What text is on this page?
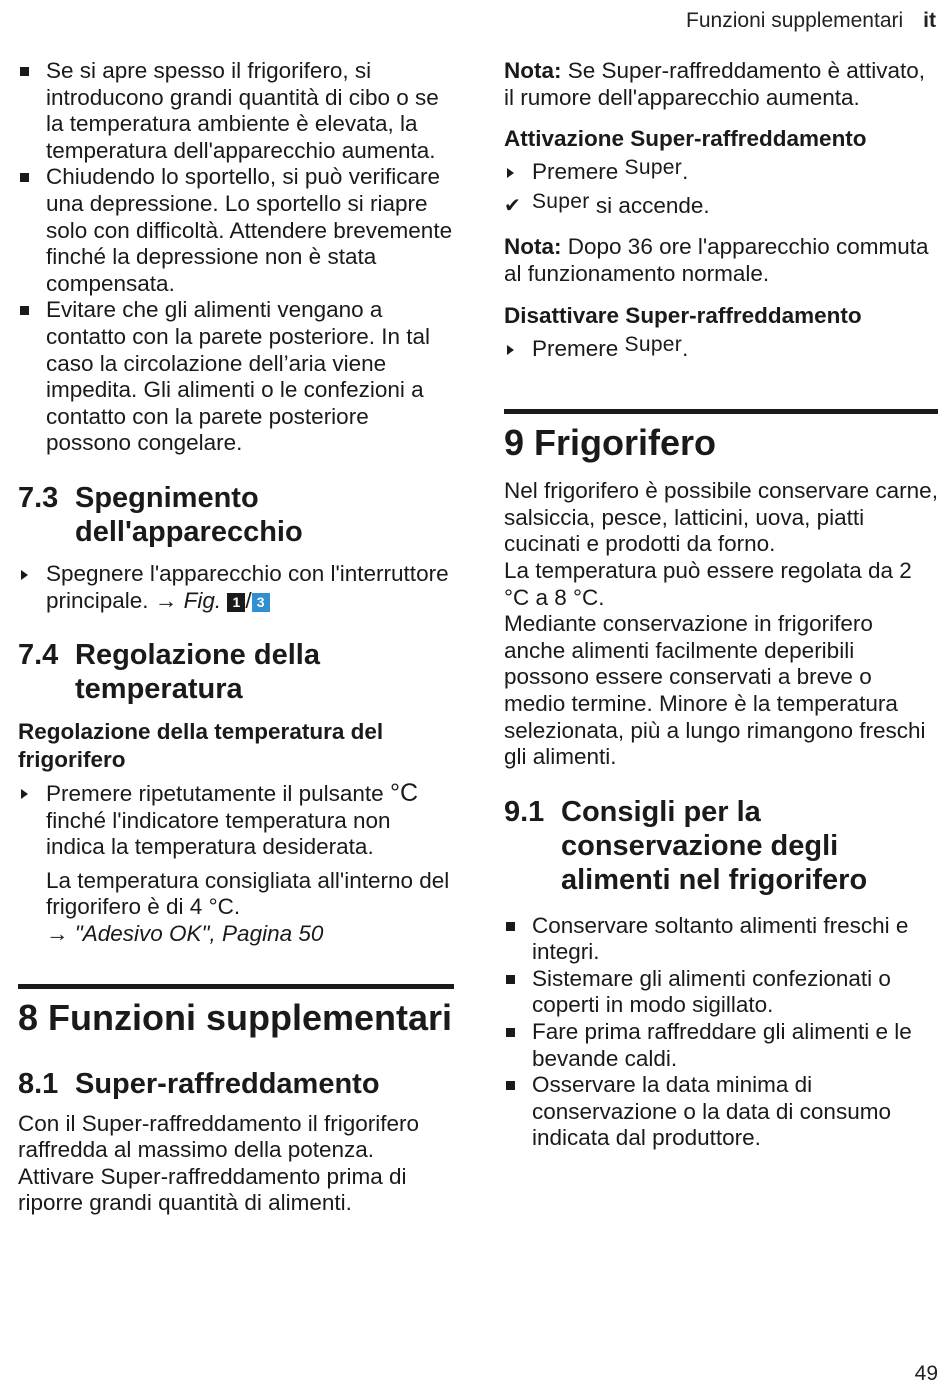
Funzioni supplementari it
Se si apre spesso il frigorifero, si introducono grandi quantità di cibo o se la temperatura ambiente è elevata, la temperatura dell'apparecchio aumenta.
Chiudendo lo sportello, si può verificare una depressione. Lo sportello si riapre solo con difficoltà. Attendere brevemente finché la depressione non è stata compensata.
Evitare che gli alimenti vengano a contatto con la parete posteriore. In tal caso la circolazione dell’aria viene impedita. Gli alimenti o le confezioni a contatto con la parete posteriore possono congelare.
7.3 Spegnimento dell'apparecchio

Spegnere l'apparecchio con l'interruttore principale. → Fig. 1 / 3

7.4 Regolazione della temperatura
Regolazione della temperatura del frigorifero

Premere ripetutamente il pulsante °C finché l'indicatore temperatura non indica la temperatura desiderata.

La temperatura consigliata all'interno del frigorifero è di 4 °C.
→ "Adesivo OK", Pagina 50

8 Funzioni supplementari
8.1 Super-raffreddamento

Con il Super-raffreddamento il frigorifero raffredda al massimo della potenza.

Attivare Super-raffreddamento prima di riporre grandi quantità di alimenti.

Nota: Se Super-raffreddamento è attivato, il rumore dell'apparecchio aumenta.

Attivazione Super-raffreddamento

Premere Super.

✔ Super si accende.

Nota: Dopo 36 ore l'apparecchio commuta al funzionamento normale.

Disattivare Super-raffreddamento

Premere Super.

9 Frigorifero

Nel frigorifero è possibile conservare carne, salsiccia, pesce, latticini, uova, piatti cucinati e prodotti da forno.

La temperatura può essere regolata da 2 °C a 8 °C.

Mediante conservazione in frigorifero anche alimenti facilmente deperibili possono essere conservati a breve o medio termine. Minore è la temperatura selezionata, più a lungo rimangono freschi gli alimenti.

9.1 Consigli per la conservazione degli alimenti nel frigorifero
Conservare soltanto alimenti freschi e integri.
Sistemare gli alimenti confezionati o coperti in modo sigillato.
Fare prima raffreddare gli alimenti e le bevande caldi.
Osservare la data minima di conservazione o la data di consumo indicata dal produttore.
49
